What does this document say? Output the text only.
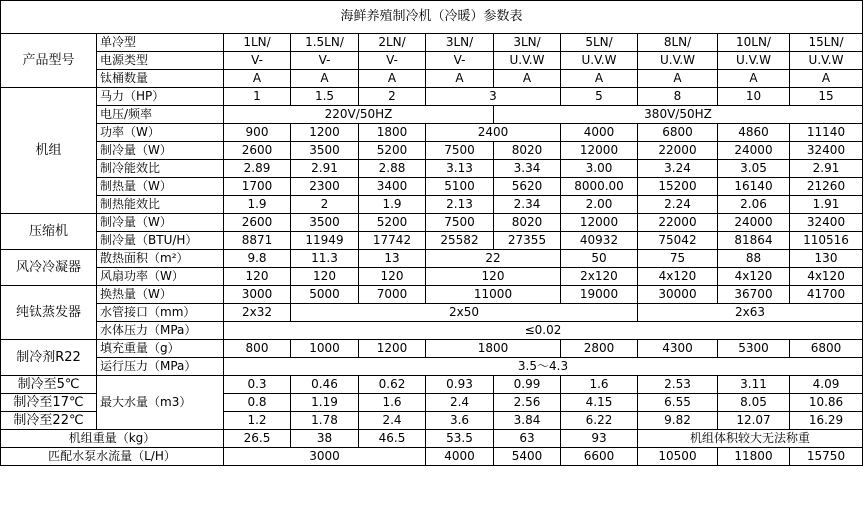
海鲜养殖制冷机（冷暖）参数表										
产品型号	单冷型	1LN/	1.5LN/	2LN/	3LN/	3LN/	5LN/	8LN/	10LN/	15LN/
	电源类型	V-	V-	V-	V-	U.V.W	U.V.W	U.V.W	U.V.W	U.V.W
	钛桶数量	A	A	A	A	A	A	A	A	A
机组	马力（HP）	1	1.5	2	3		5	8	10	15
	电压/频率	220V/50HZ				380V/50HZ				
	功率（W）	900	1200	1800	2400		4000	6800	4860	11140
	制冷量（W）	2600	3500	5200	7500	8020	12000	22000	24000	32400
	制冷能效比	2.89	2.91	2.88	3.13	3.34	3.00	3.24	3.05	2.91
	制热量（W）	1700	2300	3400	5100	5620	8000.00	15200	16140	21260
	制热能效比	1.9	2	1.9	2.13	2.34	2.00	2.24	2.06	1.91
压缩机	制冷量（W）	2600	3500	5200	7500	8020	12000	22000	24000	32400
	制冷量（BTU/H）	8871	11949	17742	25582	27355	40932	75042	81864	110516
风冷冷凝器	散热面积（m²）	9.8	11.3	13	22		50	75	88	130
	风扇功率（W）	120	120	120	120		2x120	4x120	4x120	4x120
纯钛蒸发器	换热量（W）	3000	5000	7000	11000		19000	30000	36700	41700
	水管接口（mm）	2x32	2x50					2x63		
	水体压力（MPa）	≤0.02								
制冷剂R22	填充重量（g）	800	1000	1200	1800		2800	4300	5300	6800
	运行压力（MPa）	3.5～4.3								
制冷至5℃	最大水量（m3）	0.3	0.46	0.62	0.93	0.99	1.6	2.53	3.11	4.09
制冷至17℃		0.8	1.19	1.6	2.4	2.56	4.15	6.55	8.05	10.86
制冷至22℃		1.2	1.78	2.4	3.6	3.84	6.22	9.82	12.07	16.29
机组重量（kg）		26.5	38	46.5	53.5	63	93	机组体积较大无法称重		
匹配水泵水流量（L/H）		3000			4000	5400	6600	10500	11800	15750
